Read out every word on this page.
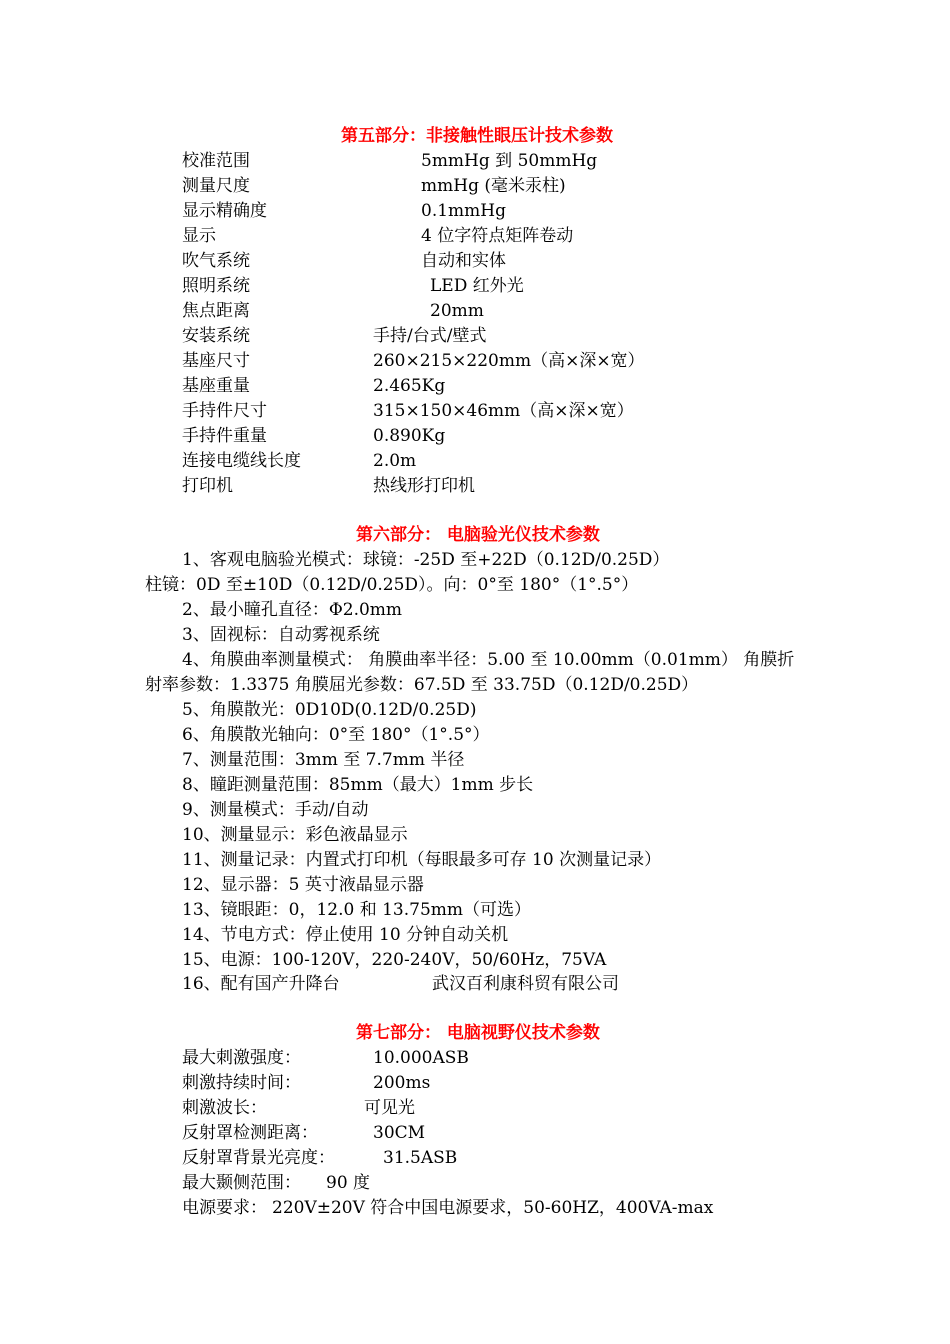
第五部分：非接触性眼压计技术参数
校准范围	5mmHg 到 50mmHg
测量尺度	mmHg (毫米汞柱)
显示精确度	0.1mmHg
显示	4 位字符点矩阵卷动
吹气系统	自动和实体
照明系统	LED 红外光
焦点距离	20mm
安装系统	手持/台式/壁式
基座尺寸	260×215×220mm（高×深×宽）
基座重量	2.465Kg
手持件尺寸	315×150×46mm（高×深×宽）
手持件重量	0.890Kg
连接电缆线长度	2.0m
打印机	热线形打印机
第六部分： 电脑验光仪技术参数
1、客观电脑验光模式：球镜：-25D 至+22D（0.12D/0.25D）
柱镜：0D 至±10D（0.12D/0.25D）。向：0°至 180°（1°.5°）
2、最小瞳孔直径：Φ2.0mm
3、固视标：自动雾视系统
4、角膜曲率测量模式： 角膜曲率半径：5.00 至 10.00mm（0.01mm） 角膜折
射率参数：1.3375 角膜屈光参数：67.5D 至 33.75D（0.12D/0.25D）
5、角膜散光：0D10D(0.12D/0.25D)
6、角膜散光轴向：0°至 180°（1°.5°）
7、测量范围：3mm 至 7.7mm 半径
8、瞳距测量范围：85mm（最大）1mm 步长
9、测量模式：手动/自动
10、测量显示：彩色液晶显示
11、测量记录：内置式打印机（每眼最多可存 10 次测量记录）
12、显示器：5 英寸液晶显示器
13、镜眼距：0，12.0 和 13.75mm（可选）
14、节电方式：停止使用 10 分钟自动关机
15、电源：100-120V，220-240V，50/60Hz，75VA
16、配有国产升降台	武汉百利康科贸有限公司
第七部分： 电脑视野仪技术参数
最大刺激强度：	10.000ASB
刺激持续时间：	200ms
刺激波长：	可见光
反射罩检测距离：	30CM
反射罩背景光亮度：	31.5ASB
最大颞侧范围： 90 度
电源要求： 220V±20V 符合中国电源要求，50-60HZ，400VA-max
